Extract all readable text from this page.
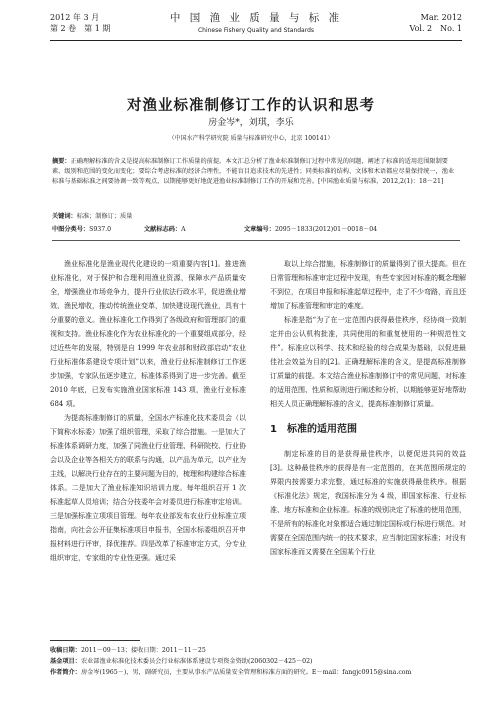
2012 年 3 月
第 2 卷　第 1 期
中 国 渔 业 质 量 与 标 准
Chinese Fishery Quality and Standards
Mar. 2012
Vol. 2　No. 1
对渔业标准制修订工作的认识和思考
房金岑*，刘琪，李乐
（中国水产科学研究院 质量与标准研究中心，北京 100141）
摘要：正确理解标准的含义是提高标准制修订工作质量的前提。本文汇总分析了渔业标准制修订过程中常见的问题，阐述了标准的适用范围限制要素、级别和范围的变化而变化；要综合考虑标准的经济合理性，不能盲目追求技术的先进性；同类标准的结构、文体和术语都应尽量保持统一，渔业标准与基础标准之间要协调一致等观点，以期能够更好地促进渔业标准制修订工作的开展和完善。[中国渔业质量与标准，2012,2(1)：18－21]
关键词：标准；制修订；质量
中图分类号：S937.0	文献标志码：A	文章编号：2095－1833(2012)01－0018－04

渔业标准化是渔业现代化建设的一项重要内容[1]。推进渔业标准化，对于保护和合理利用渔业资源，保障水产品质量安全，增强渔业市场竞争力，提升行业依法行政水平，促进渔业增效、渔民增收，推动传统渔业变革，加快建设现代渔业，具有十分重要的意义。渔业标准化工作得到了各级政府和管理部门的重视和支持。渔业标准化作为农业标准化的一个重要组成部分，经过近些年的发展，特别是自 1999 年农业部和财政部启动“农业行业标准体系建设专项计划”以来，渔业行业标准制修订工作逐步加强，专家队伍逐步建立，标准体系得到了进一步完善。截至 2010 年底，已发布实施渔业国家标准 143 项，渔业行业标准 684 项。

为提高标准制修订的质量，全国水产标准化技术委员会（以下简称水标委）加强了组织管理，采取了综合措施。一是加大了标准体系调研力度，加强了同渔业行业管理、科研院校、行业协会以及企业等各相关方的联系与沟通，以产品为单元，以产业为主线，以解决行业存在的主要问题为目的，梳理和构建综合标准体系。二是加大了渔业标准知识培训力度。每年组织召开 1 次标准起草人员培训；结合分技委年会对委员进行标准审定培训。三是加强标准立项项目管理。每年农业部发布农业行业标准立项指南，向社会公开征集标准项目申报书，全国水标委组织召开申报材料进行评审，择优推荐。四是改革了标准审定方式，分专业组织审定，专家组的专业性更强。通过采

取以上综合措施，标准制修订的质量得到了很大提高。但在日常管理和标准审定过程中发现，有些专家因对标准的概念理解不到位，在项目申报和标准起草过程中，走了不少弯路，而且还增加了标准管理和审定的难度。

标准是指“为了在一定范围内获得最佳秩序，经协商一致制定并由公认机构批准，共同使用的和重复使用的一种规范性文件”。标准应以科学、技术和经验的综合成果为基础，以促进最佳社会效益为目的[2]。正确理解标准的含义，是提高标准制修订质量的前提。本文结合渔业标准制修订中的常见问题，对标准的适用范围、性质和原则进行阐述和分析，以期能够更好地帮助相关人员正确理解标准的含义，提高标准制修订质量。

1　标准的适用范围

制定标准的目的是获得最佳秩序，以便促进共同的效益[3]。这种最佳秩序的获得是有一定范围的，在其范围所规定的界限内按需要力求完整，通过标准的实施获得最佳秩序。根据《标准化法》规定，我国标准分为 4 级，即国家标准、行业标准、地方标准和企业标准。标准的级别决定了标准的使用范围，不是所有的标准化对象都适合通过制定国标或行标进行规范。对需要在全国范围内统一的技术要求，应当制定国家标准；对没有国家标准而又需要在全国某个行业

收稿日期：2011－09－13；接收日期：2011－11－25
基金项目：农业部渔业标准化技术委员会行业标准体系建设专项资金资助(2060302－425－02)
作者简介：房金岑(1965－)，男，副研究员，主要从事水产品质量安全管理和标准方面的研究。E－mail：fangjc0915@sina.com
